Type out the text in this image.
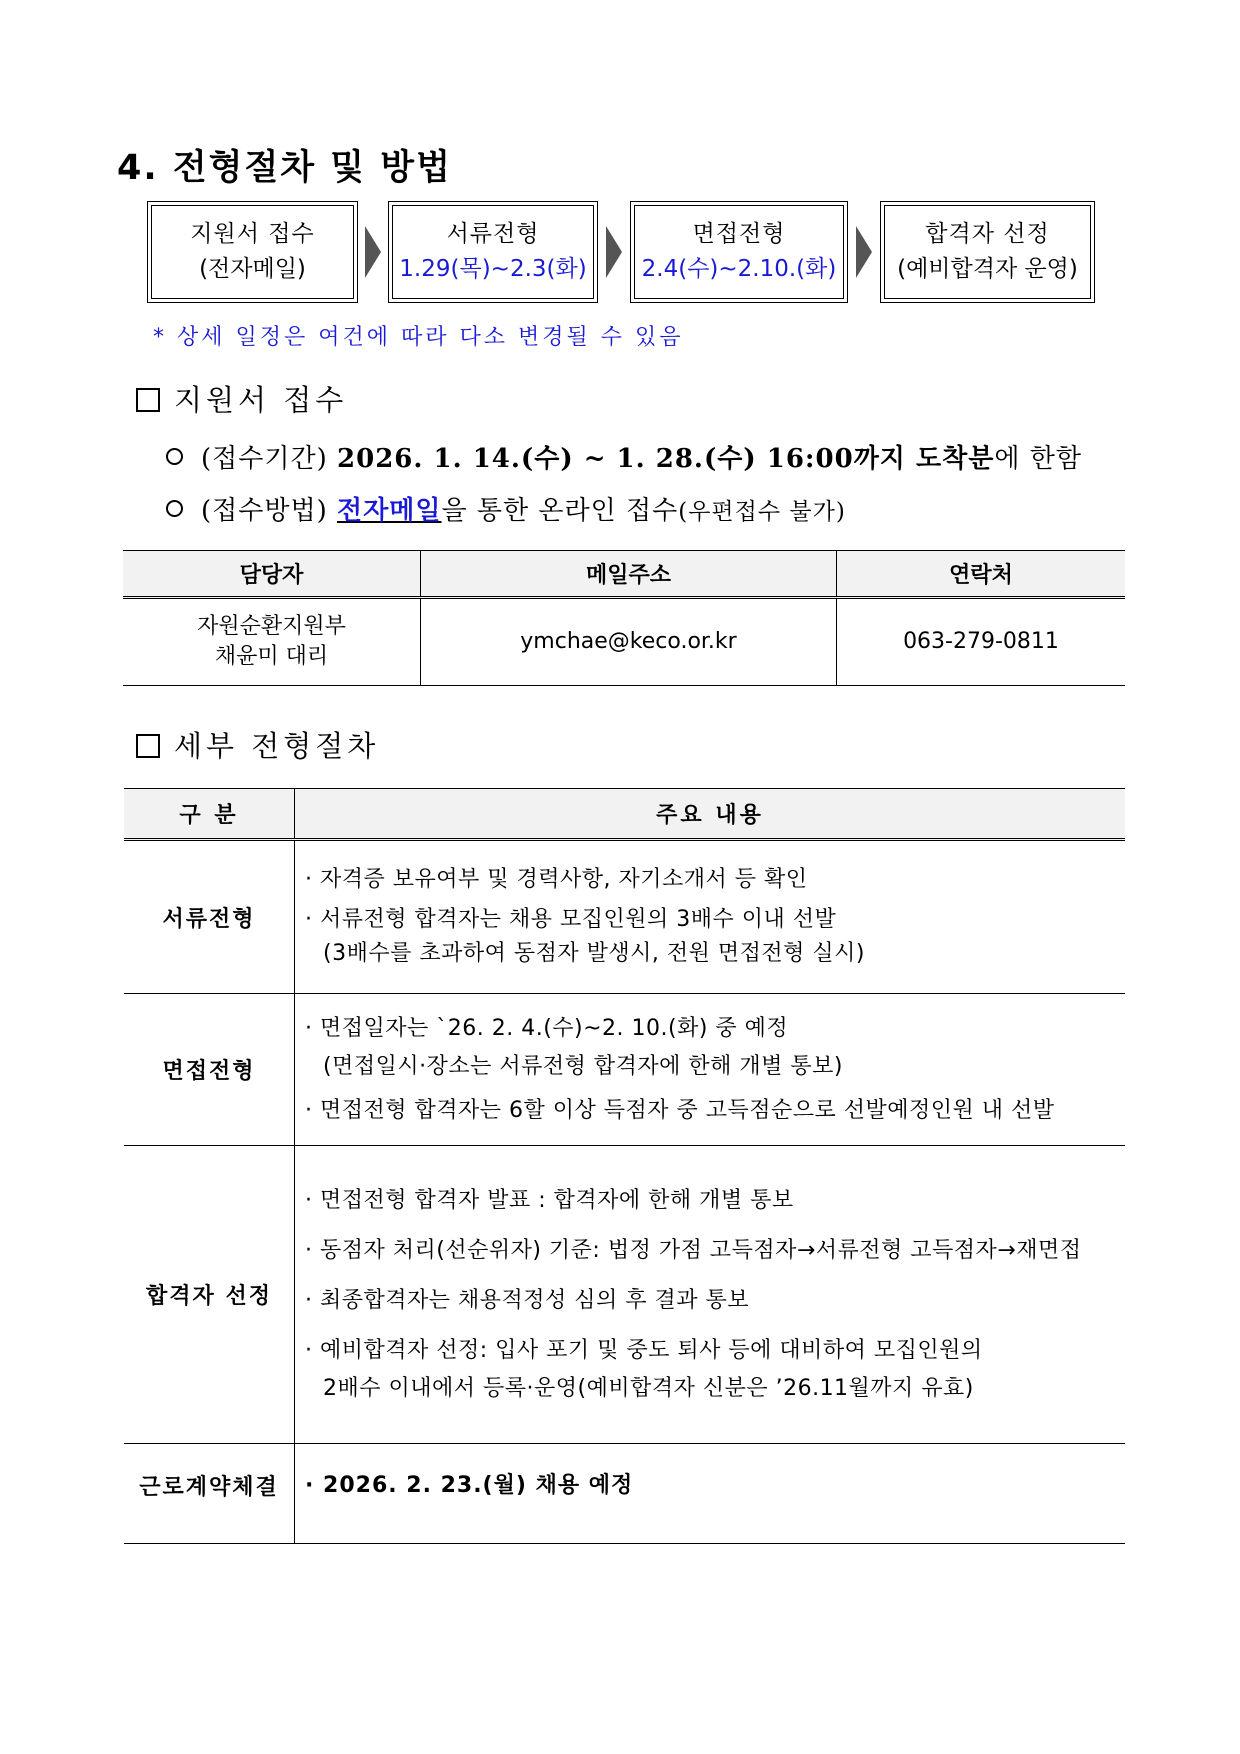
4. 전형절차 및 방법
지원서 접수
(전자메일)
서류전형
1.29(목)~2.3(화)
면접전형
2.4(수)~2.10.(화)
합격자 선정
(예비합격자 운영)
* 상세 일정은 여건에 따라 다소 변경될 수 있음
지원서 접수
(접수기간) 2026. 1. 14.(수) ~ 1. 28.(수) 16:00까지 도착분에 한함
(접수방법) 전자메일을 통한 온라인 접수(우편접수 불가)
담당자	메일주소	연락처

자원순환지원부
채윤미 대리	ymchae@keco.or.kr	063-279-0811
세부 전형절차
구 분	주요 내용
서류전형	· 자격증 보유여부 및 경력사항, 자기소개서 등 확인
· 서류전형 합격자는 채용 모집인원의 3배수 이내 선발
(3배수를 초과하여 동점자 발생시, 전원 면접전형 실시)

면접전형	· 면접일자는 `26. 2. 4.(수)~2. 10.(화) 중 예정
(면접일시·장소는 서류전형 합격자에 한해 개별 통보)
· 면접전형 합격자는 6할 이상 득점자 중 고득점순으로 선발예정인원 내 선발

합격자 선정	· 면접전형 합격자 발표 : 합격자에 한해 개별 통보
· 동점자 처리(선순위자) 기준: 법정 가점 고득점자→서류전형 고득점자→재면접
· 최종합격자는 채용적정성 심의 후 결과 통보
· 예비합격자 선정: 입사 포기 및 중도 퇴사 등에 대비하여 모집인원의
2배수 이내에서 등록·운영(예비합격자 신분은 ’26.11월까지 유효)

근로계약체결	· 2026. 2. 23.(월) 채용 예정
